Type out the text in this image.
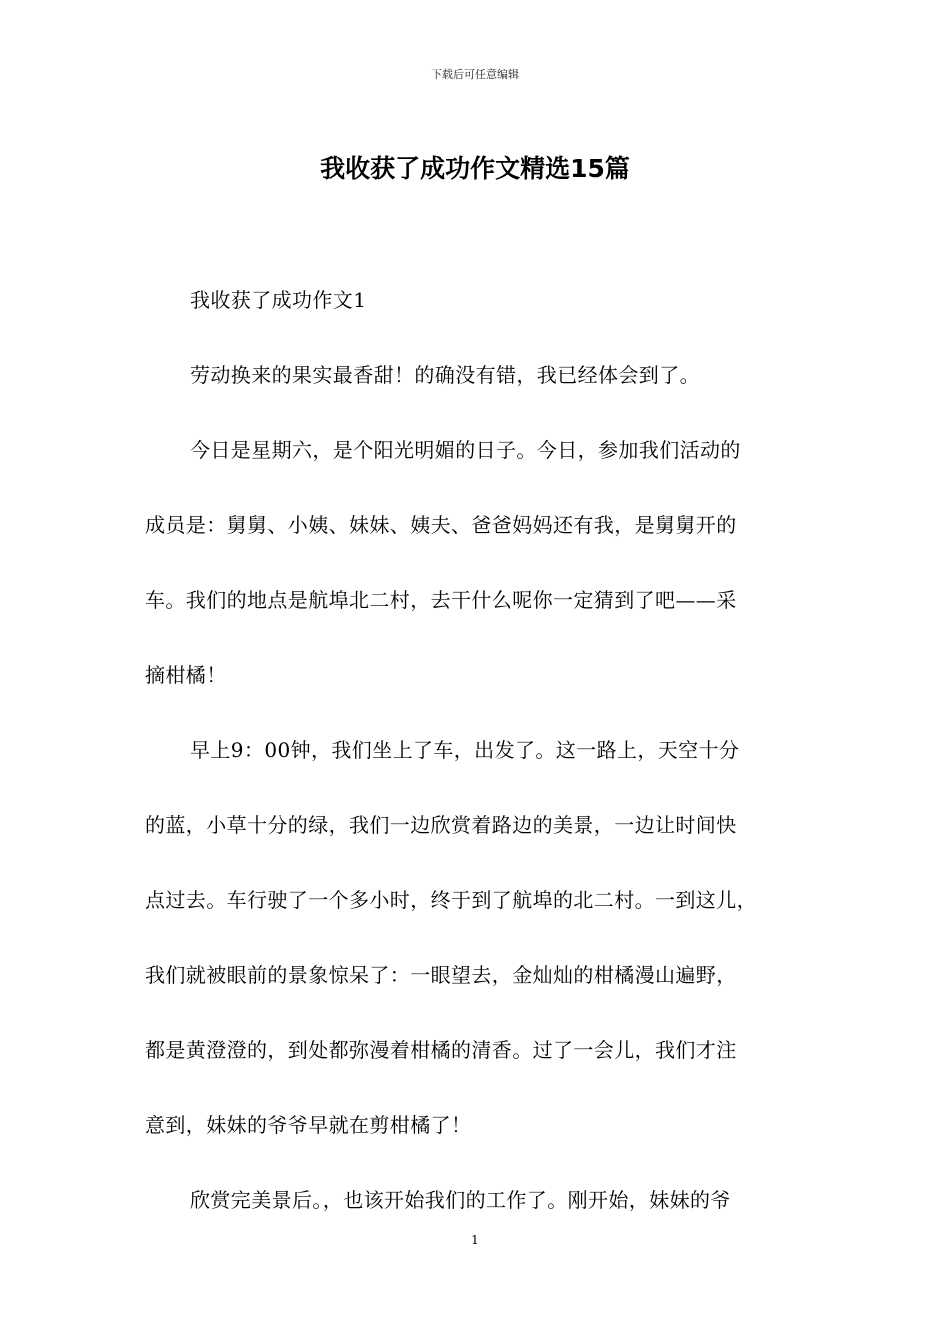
下载后可任意编辑
我收获了成功作文精选15篇

我收获了成功作文1

劳动换来的果实最香甜！的确没有错，我已经体会到了。

今日是星期六，是个阳光明媚的日子。今日，参加我们活动的
成员是：舅舅、小姨、妹妹、姨夫、爸爸妈妈还有我，是舅舅开的
车。我们的地点是航埠北二村，去干什么呢你一定猜到了吧——采
摘柑橘！

早上9：00钟，我们坐上了车，出发了。这一路上，天空十分
的蓝，小草十分的绿，我们一边欣赏着路边的美景，一边让时间快
点过去。车行驶了一个多小时，终于到了航埠的北二村。一到这儿，
我们就被眼前的景象惊呆了：一眼望去，金灿灿的柑橘漫山遍野，
都是黄澄澄的，到处都弥漫着柑橘的清香。过了一会儿，我们才注
意到，妹妹的爷爷早就在剪柑橘了！

欣赏完美景后。，也该开始我们的工作了。刚开始，妹妹的爷

1
